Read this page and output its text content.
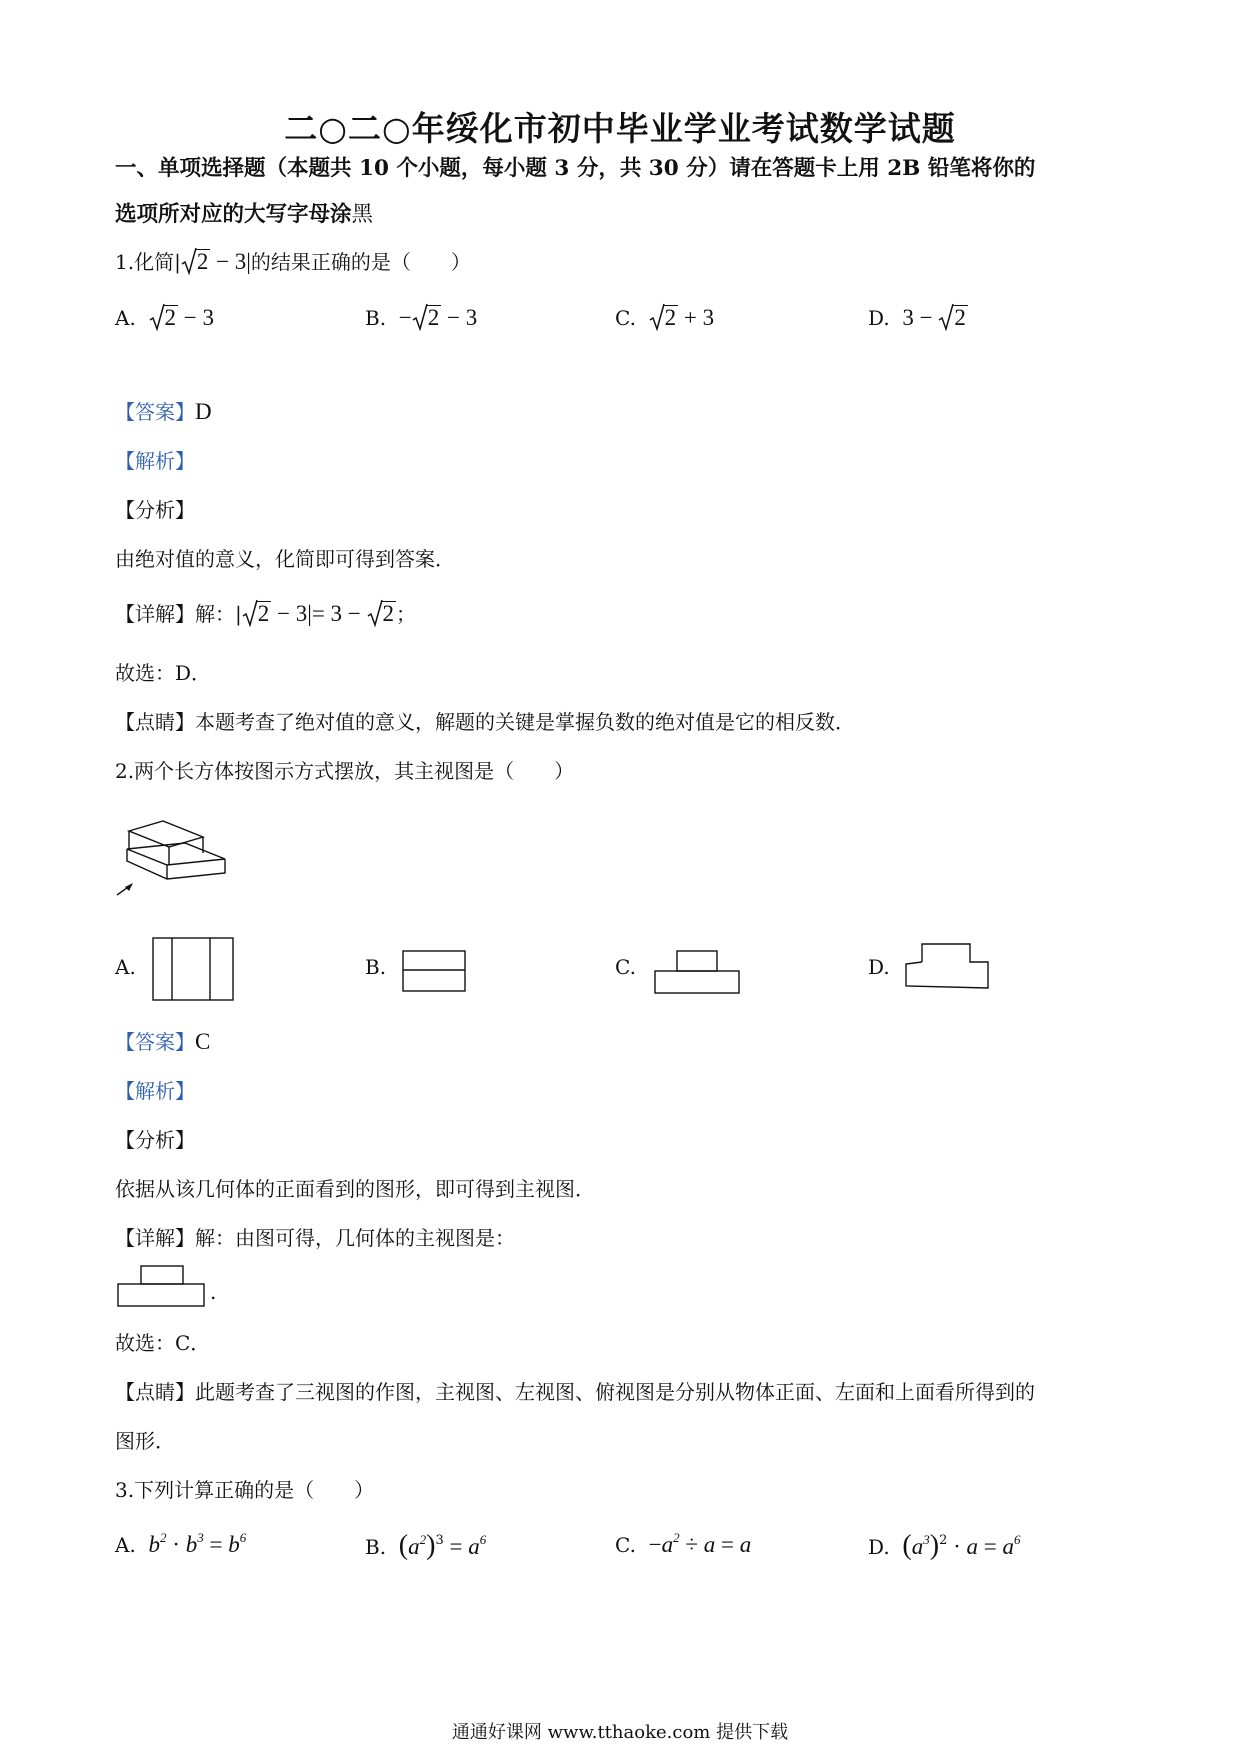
二○二○年绥化市初中毕业学业考试数学试题
一、单项选择题（本题共 10 个小题，每小题 3 分，共 30 分）请在答题卡上用 2B 铅笔将你的
选项所对应的大写字母涂黑
1.化简| 2 − 3|的结果正确的是（　　）
A. 2 − 3	B. − 2 − 3	C. 2 + 3	D. 3 −
2
【答案】D
【解析】
【分析】
由绝对值的意义，化简即可得到答案．
【详解】解：| 2 − 3|= 3 −
2 ；
故选：D．
【点睛】本题考查了绝对值的意义，解题的关键是掌握负数的绝对值是它的相反数．
2.两个长方体按图示方式摆放，其主视图是（　　）
A.	B.	C.	D.
【答案】C
【解析】
【分析】
依据从该几何体的正面看到的图形，即可得到主视图．
【详解】解：由图可得，几何体的主视图是：
.
故选：C．
【点睛】此题考查了三视图的作图，主视图、左视图、俯视图是分别从物体正面、左面和上面看所得到的
图形．
3.下列计算正确的是（　　）
A. $b^2 \cdot b^3 = b^6$	B. $(a^2)^3 = a^6$	C. $-a^2 \div a = a$	D. $(a^3)^2 \cdot a = a^6$
通通好课网 www.tthaoke.com 提供下载
